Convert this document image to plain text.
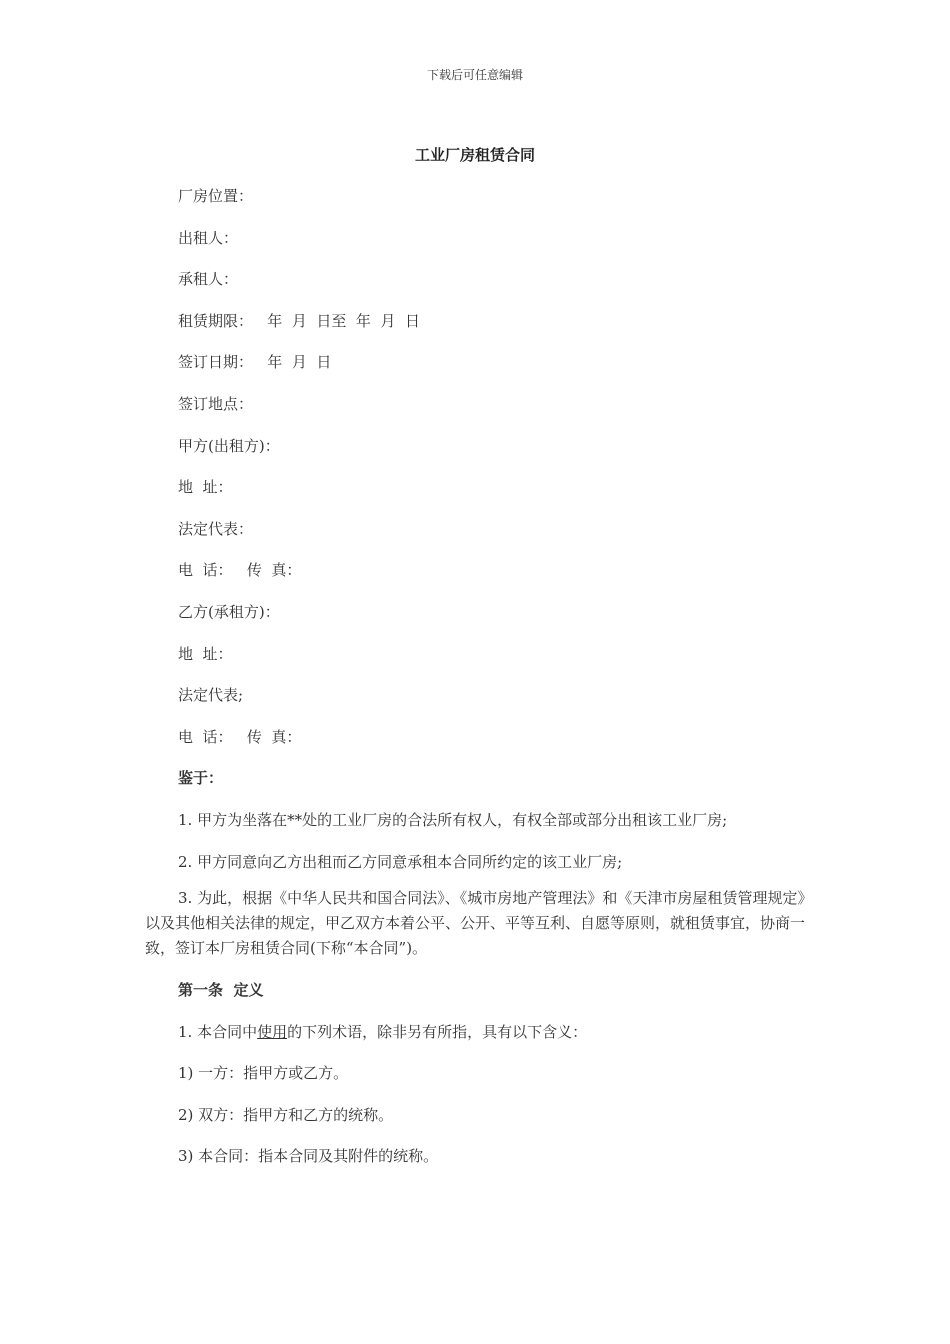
下载后可任意编辑
工业厂房租赁合同
厂房位置：
出租人：
承租人：
租赁期限：   年  月  日至  年  月  日
签订日期：   年  月  日
签订地点：
甲方(出租方)：
地  址：
法定代表：
电  话：   传  真：
乙方(承租方)：
地  址：
法定代表;
电  话：   传  真：
鉴于：
1. 甲方为坐落在**处的工业厂房的合法所有权人，有权全部或部分出租该工业厂房;
2. 甲方同意向乙方出租而乙方同意承租本合同所约定的该工业厂房;
3. 为此，根据《中华人民共和国合同法》、《城市房地产管理法》和《天津市房屋租赁管理规定》以及其他相关法律的规定，甲乙双方本着公平、公开、平等互利、自愿等原则，就租赁事宜，协商一致，签订本厂房租赁合同(下称“本合同”)。
第一条  定义
1. 本合同中使用的下列术语，除非另有所指，具有以下含义：
1) 一方：指甲方或乙方。
2) 双方：指甲方和乙方的统称。
3) 本合同：指本合同及其附件的统称。
